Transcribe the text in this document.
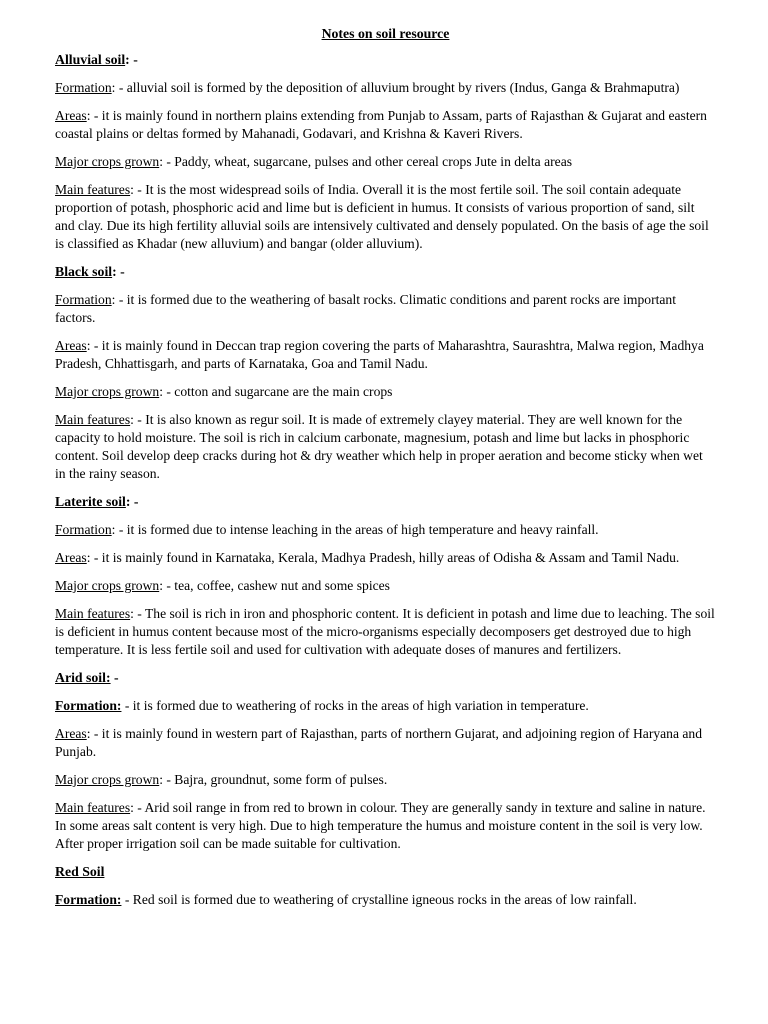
Notes on soil resource
Alluvial soil: -

Formation: - alluvial soil is formed by the deposition of alluvium brought by rivers (Indus, Ganga & Brahmaputra)

Areas: - it is mainly found in northern plains extending from Punjab to Assam, parts of Rajasthan & Gujarat and eastern coastal plains or deltas formed by Mahanadi, Godavari, and Krishna & Kaveri Rivers.

Major crops grown: - Paddy, wheat, sugarcane, pulses and other cereal crops Jute in delta areas

Main features: - It is the most widespread soils of India. Overall it is the most fertile soil. The soil contain adequate proportion of potash, phosphoric acid and lime but is deficient in humus. It consists of various proportion of sand, silt and clay. Due its high fertility alluvial soils are intensively cultivated and densely populated. On the basis of age the soil is classified as Khadar (new alluvium) and bangar (older alluvium).

Black soil: -

Formation: - it is formed due to the weathering of basalt rocks. Climatic conditions and parent rocks are important factors.

Areas: - it is mainly found in Deccan trap region covering the parts of Maharashtra, Saurashtra, Malwa region, Madhya Pradesh, Chhattisgarh, and parts of Karnataka, Goa and Tamil Nadu.

Major crops grown: - cotton and sugarcane are the main crops

Main features: - It is also known as regur soil. It is made of extremely clayey material. They are well known for the capacity to hold moisture. The soil is rich in calcium carbonate, magnesium, potash and lime but lacks in phosphoric content. Soil develop deep cracks during hot & dry weather which help in proper aeration and become sticky when wet in the rainy season.

Laterite soil: -

Formation: - it is formed due to intense leaching in the areas of high temperature and heavy rainfall.

Areas: - it is mainly found in Karnataka, Kerala, Madhya Pradesh, hilly areas of Odisha & Assam and Tamil Nadu.

Major crops grown: - tea, coffee, cashew nut and some spices

Main features: - The soil is rich in iron and phosphoric content. It is deficient in potash and lime due to leaching. The soil is deficient in humus content because most of the micro-organisms especially decomposers get destroyed due to high temperature. It is less fertile soil and used for cultivation with adequate doses of manures and fertilizers.

Arid soil: -

Formation: - it is formed due to weathering of rocks in the areas of high variation in temperature.

Areas: - it is mainly found in western part of Rajasthan, parts of northern Gujarat, and adjoining region of Haryana and Punjab.

Major crops grown: - Bajra, groundnut, some form of pulses.

Main features: - Arid soil range in from red to brown in colour. They are generally sandy in texture and saline in nature. In some areas salt content is very high. Due to high temperature the humus and moisture content in the soil is very low. After proper irrigation soil can be made suitable for cultivation.

Red Soil

Formation: - Red soil is formed due to weathering of crystalline igneous rocks in the areas of low rainfall.
